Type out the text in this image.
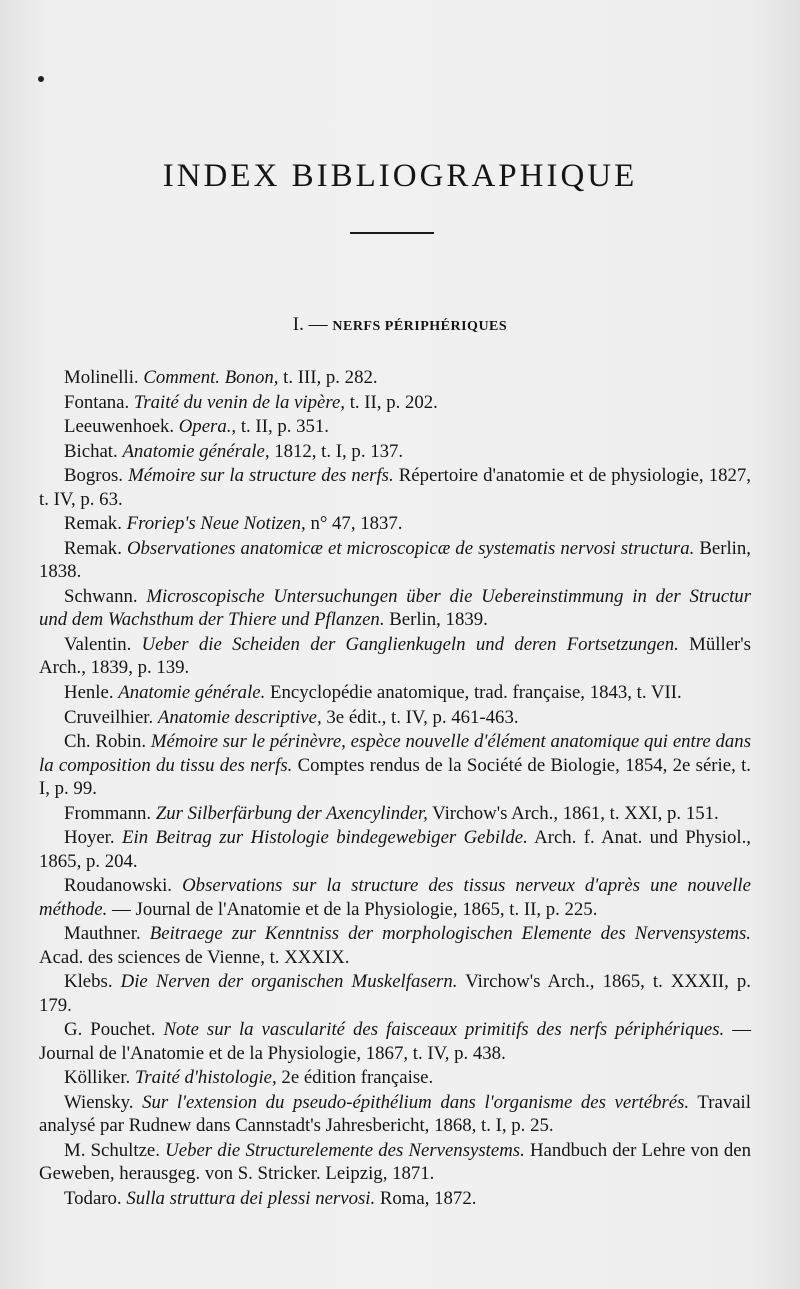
INDEX BIBLIOGRAPHIQUE
I. — NERFS PÉRIPHÉRIQUES

Molinelli. Comment. Bonon, t. III, p. 282.

Fontana. Traité du venin de la vipère, t. II, p. 202.

Leeuwenhoek. Opera., t. II, p. 351.

Bichat. Anatomie générale, 1812, t. I, p. 137.

Bogros. Mémoire sur la structure des nerfs. Répertoire d'anatomie et de physiologie, 1827, t. IV, p. 63.

Remak. Froriep's Neue Notizen, n° 47, 1837.

Remak. Observationes anatomicæ et microscopicæ de systematis nervosi structura. Berlin, 1838.

Schwann. Microscopische Untersuchungen über die Uebereinstimmung in der Structur und dem Wachsthum der Thiere und Pflanzen. Berlin, 1839.

Valentin. Ueber die Scheiden der Ganglienkugeln und deren Fortsetzungen. Müller's Arch., 1839, p. 139.

Henle. Anatomie générale. Encyclopédie anatomique, trad. française, 1843, t. VII.

Cruveilhier. Anatomie descriptive, 3e édit., t. IV, p. 461-463.

Ch. Robin. Mémoire sur le périnèvre, espèce nouvelle d'élément anatomique qui entre dans la composition du tissu des nerfs. Comptes rendus de la Société de Biologie, 1854, 2e série, t. I, p. 99.

Frommann. Zur Silberfärbung der Axencylinder, Virchow's Arch., 1861, t. XXI, p. 151.

Hoyer. Ein Beitrag zur Histologie bindegewebiger Gebilde. Arch. f. Anat. und Physiol., 1865, p. 204.

Roudanowski. Observations sur la structure des tissus nerveux d'après une nouvelle méthode. — Journal de l'Anatomie et de la Physiologie, 1865, t. II, p. 225.

Mauthner. Beitraege zur Kenntniss der morphologischen Elemente des Nervensystems. Acad. des sciences de Vienne, t. XXXIX.

Klebs. Die Nerven der organischen Muskelfasern. Virchow's Arch., 1865, t. XXXII, p. 179.

G. Pouchet. Note sur la vascularité des faisceaux primitifs des nerfs périphériques. — Journal de l'Anatomie et de la Physiologie, 1867, t. IV, p. 438.

Kölliker. Traité d'histologie, 2e édition française.

Wiensky. Sur l'extension du pseudo-épithélium dans l'organisme des vertébrés. Travail analysé par Rudnew dans Cannstadt's Jahresbericht, 1868, t. I, p. 25.

M. Schultze. Ueber die Structurelemente des Nervensystems. Handbuch der Lehre von den Geweben, herausgeg. von S. Stricker. Leipzig, 1871.

Todaro. Sulla struttura dei plessi nervosi. Roma, 1872.
